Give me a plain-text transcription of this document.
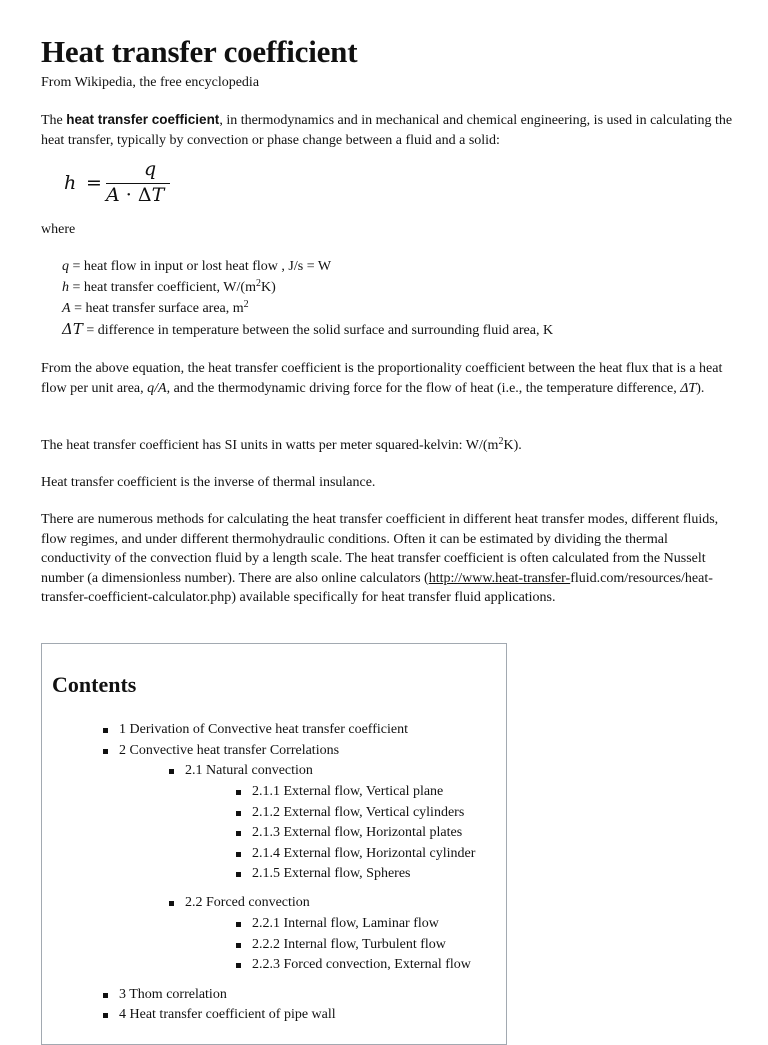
Heat transfer coefficient
From Wikipedia, the free encyclopedia

The heat transfer coefficient, in thermodynamics and in mechanical and chemical engineering, is used in calculating the heat transfer, typically by convection or phase change between a fluid and a solid:

h =
q
A · ΔT
where
q = heat flow in input or lost heat flow , J/s = W
h = heat transfer coefficient, $W/(m^2K)$
A = heat transfer surface area, $m^2$
ΔT = difference in temperature between the solid surface and surrounding fluid area, K

From the above equation, the heat transfer coefficient is the proportionality coefficient between the heat flux that is a heat flow per unit area, q/A, and the thermodynamic driving force for the flow of heat (i.e., the temperature difference, ΔT).

The heat transfer coefficient has SI units in watts per meter squared-kelvin: $W/(m^2K)$.

Heat transfer coefficient is the inverse of thermal insulance.

There are numerous methods for calculating the heat transfer coefficient in different heat transfer modes, different fluids, flow regimes, and under different thermohydraulic conditions. Often it can be estimated by dividing the thermal conductivity of the convection fluid by a length scale. The heat transfer coefficient is often calculated from the Nusselt number (a dimensionless number). There are also online calculators (http://www.heat-transfer-fluid.com/resources/heat-transfer-coefficient-calculator.php) available specifically for heat transfer fluid applications.

Contents
1 Derivation of Convective heat transfer coefficient
2 Convective heat transfer Correlations
2.1 Natural convection
2.1.1 External flow, Vertical plane
2.1.2 External flow, Vertical cylinders
2.1.3 External flow, Horizontal plates
2.1.4 External flow, Horizontal cylinder
2.1.5 External flow, Spheres
2.2 Forced convection
2.2.1 Internal flow, Laminar flow
2.2.2 Internal flow, Turbulent flow
2.2.3 Forced convection, External flow
3 Thom correlation
4 Heat transfer coefficient of pipe wall
